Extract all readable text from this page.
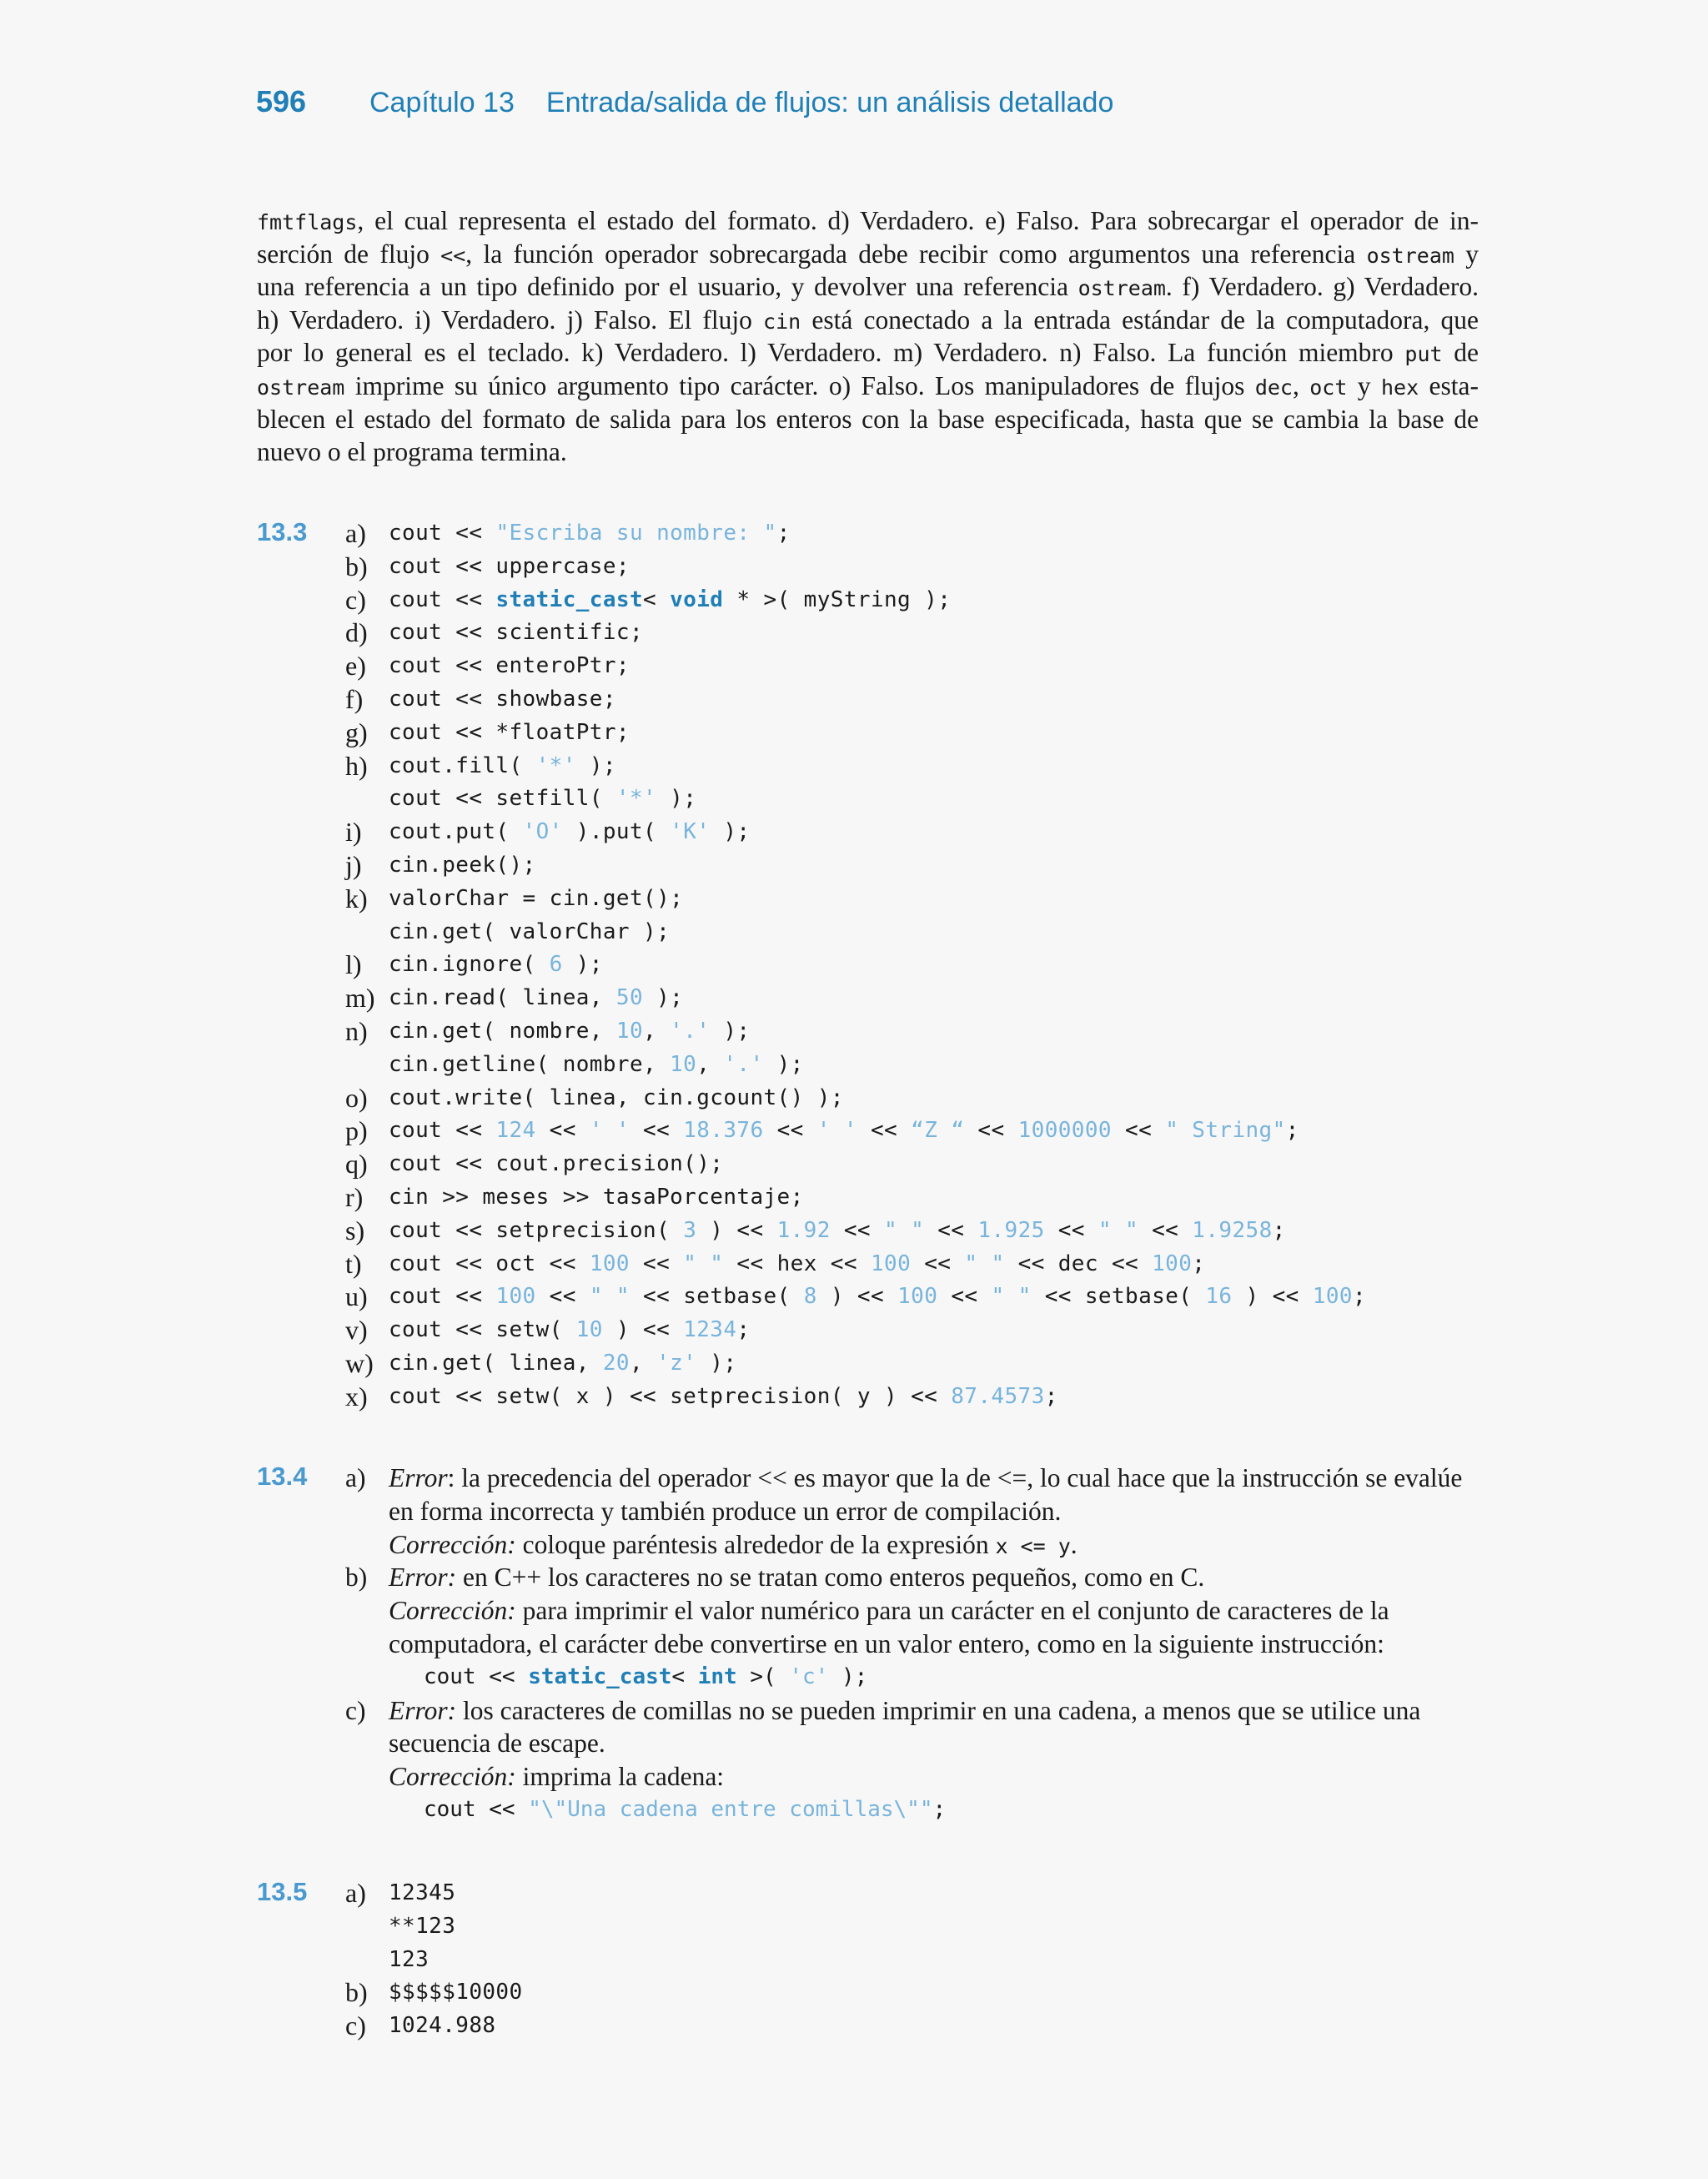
596 Capítulo 13 Entrada/salida de flujos: un análisis detallado
fmtflags, el cual representa el estado del formato. d) Verdadero. e) Falso. Para sobrecargar el operador de in-
serción de flujo <<, la función operador sobrecargada debe recibir como argumentos una referencia ostream y
una referencia a un tipo definido por el usuario, y devolver una referencia ostream. f) Verdadero. g) Verdadero.
h) Verdadero. i) Verdadero. j) Falso. El flujo cin está conectado a la entrada estándar de la computadora, que
por lo general es el teclado. k) Verdadero. l) Verdadero. m) Verdadero. n) Falso. La función miembro put de
ostream imprime su único argumento tipo carácter. o) Falso. Los manipuladores de flujos dec, oct y hex esta-
blecen el estado del formato de salida para los enteros con la base especificada, hasta que se cambia la base de
nuevo o el programa termina.
13.3 a) cout << "Escriba su nombre: ";
b) cout << uppercase;
c) cout << static_cast< void * >( myString );
d) cout << scientific;
e) cout << enteroPtr;
f) cout << showbase;
g) cout << *floatPtr;
h) cout.fill( '*' );
cout << setfill( '*' );
i) cout.put( 'O' ).put( 'K' );
j) cin.peek();
k) valorChar = cin.get();
cin.get( valorChar );
l) cin.ignore( 6 );
m) cin.read( linea, 50 );
n) cin.get( nombre, 10, '.' );
cin.getline( nombre, 10, '.' );
o) cout.write( linea, cin.gcount() );
p) cout << 124 << ' ' << 18.376 << ' ' << “Z “ << 1000000 << " String";
q) cout << cout.precision();
r) cin >> meses >> tasaPorcentaje;
s) cout << setprecision( 3 ) << 1.92 << " " << 1.925 << " " << 1.9258;
t) cout << oct << 100 << " " << hex << 100 << " " << dec << 100;
u) cout << 100 << " " << setbase( 8 ) << 100 << " " << setbase( 16 ) << 100;
v) cout << setw( 10 ) << 1234;
w) cin.get( linea, 20, 'z' );
x) cout << setw( x ) << setprecision( y ) << 87.4573;
13.4 a) Error: la precedencia del operador << es mayor que la de <=, lo cual hace que la instrucción se evalúe
en forma incorrecta y también produce un error de compilación.
Corrección: coloque paréntesis alrededor de la expresión x <= y.
b) Error: en C++ los caracteres no se tratan como enteros pequeños, como en C.
Corrección: para imprimir el valor numérico para un carácter en el conjunto de caracteres de la
computadora, el carácter debe convertirse en un valor entero, como en la siguiente instrucción:
cout << static_cast< int >( 'c' );
c) Error: los caracteres de comillas no se pueden imprimir en una cadena, a menos que se utilice una
secuencia de escape.
Corrección: imprima la cadena:
cout << "\"Una cadena entre comillas\"";
13.5 a) 12345
**123
123
b) $$$$$10000
c) 1024.988
